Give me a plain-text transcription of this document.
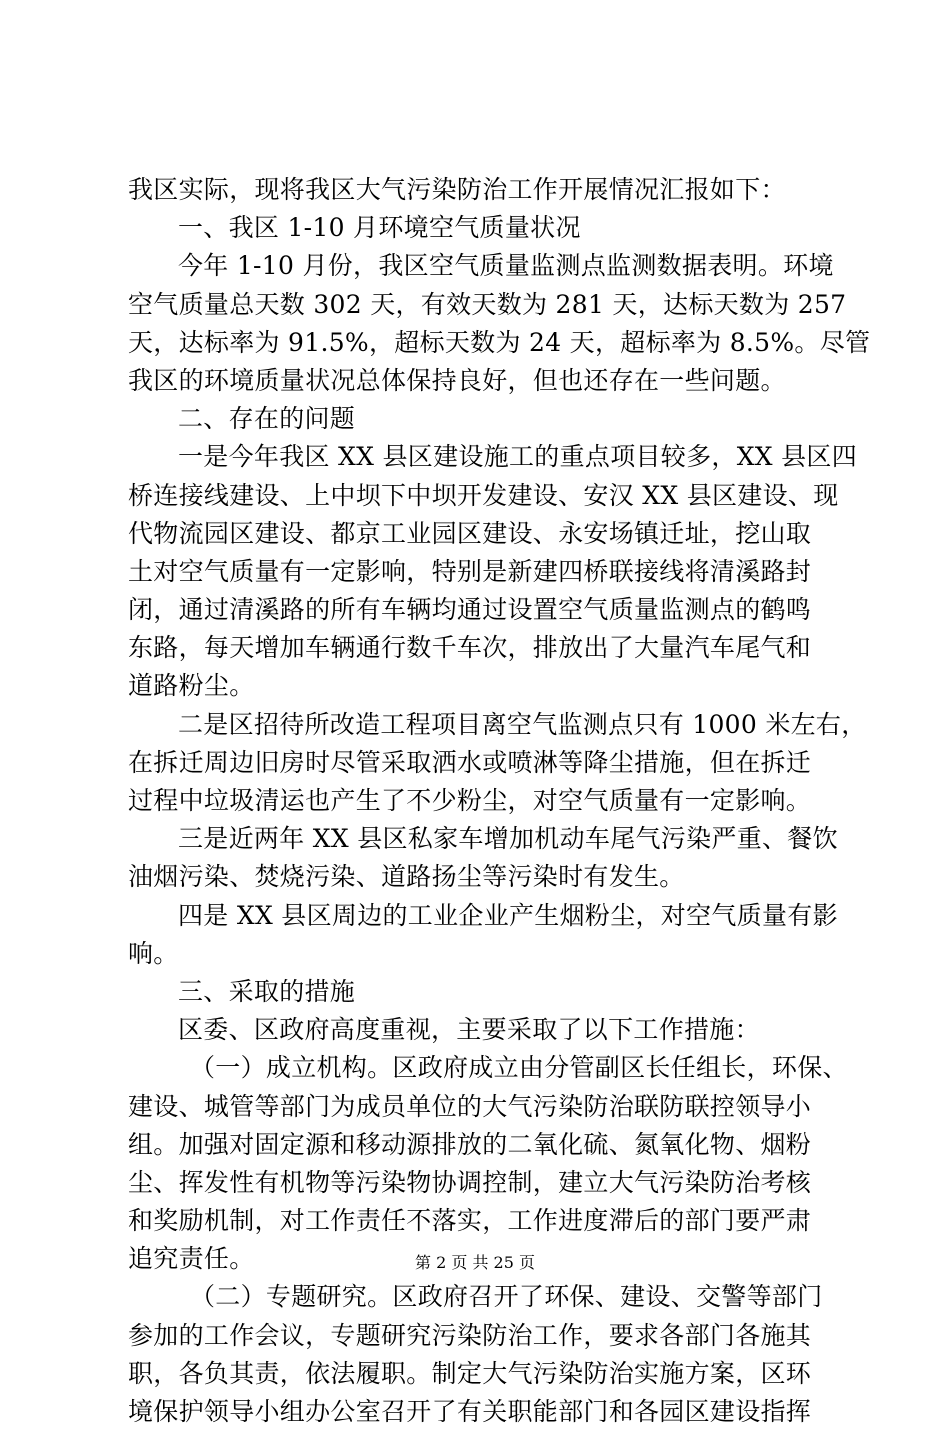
我区实际，现将我区大气污染防治工作开展情况汇报如下：
一、我区 1-10 月环境空气质量状况
今年 1-10 月份，我区空气质量监测点监测数据表明。环境
空气质量总天数 302 天，有效天数为 281 天，达标天数为 257
天，达标率为 91.5%，超标天数为 24 天，超标率为 8.5%。尽管
我区的环境质量状况总体保持良好，但也还存在一些问题。
二、存在的问题
一是今年我区 XX 县区建设施工的重点项目较多，XX 县区四
桥连接线建设、上中坝下中坝开发建设、安汉 XX 县区建设、现
代物流园区建设、都京工业园区建设、永安场镇迁址，挖山取
土对空气质量有一定影响，特别是新建四桥联接线将清溪路封
闭，通过清溪路的所有车辆均通过设置空气质量监测点的鹤鸣
东路，每天增加车辆通行数千车次，排放出了大量汽车尾气和
道路粉尘。
二是区招待所改造工程项目离空气监测点只有 1000 米左右，
在拆迁周边旧房时尽管采取洒水或喷淋等降尘措施，但在拆迁
过程中垃圾清运也产生了不少粉尘，对空气质量有一定影响。
三是近两年 XX 县区私家车增加机动车尾气污染严重、餐饮
油烟污染、焚烧污染、道路扬尘等污染时有发生。
四是 XX 县区周边的工业企业产生烟粉尘，对空气质量有影
响。
三、采取的措施
区委、区政府高度重视，主要采取了以下工作措施：
（一）成立机构。区政府成立由分管副区长任组长，环保、
建设、城管等部门为成员单位的大气污染防治联防联控领导小
组。加强对固定源和移动源排放的二氧化硫、氮氧化物、烟粉
尘、挥发性有机物等污染物协调控制，建立大气污染防治考核
和奖励机制，对工作责任不落实，工作进度滞后的部门要严肃
追究责任。
（二）专题研究。区政府召开了环保、建设、交警等部门
参加的工作会议，专题研究污染防治工作，要求各部门各施其
职，各负其责，依法履职。制定大气污染防治实施方案，区环
境保护领导小组办公室召开了有关职能部门和各园区建设指挥
第 2 页 共 25 页
